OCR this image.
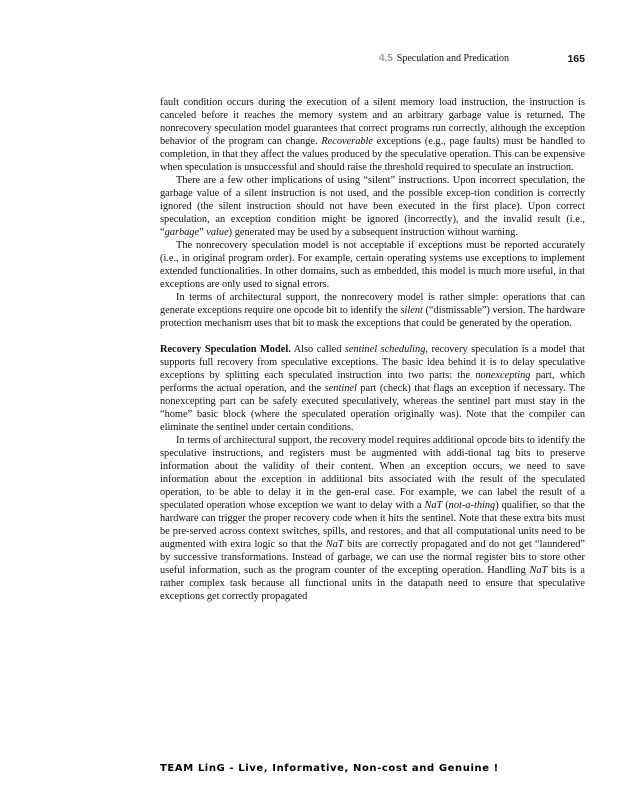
4.5 Speculation and Predication	165

fault condition occurs during the execution of a silent memory load instruction, the instruction is canceled before it reaches the memory system and an arbitrary garbage value is returned. The nonrecovery speculation model guarantees that correct programs run correctly, although the exception behavior of the program can change. Recoverable exceptions (e.g., page faults) must be handled to completion, in that they affect the values produced by the speculative operation. This can be expensive when speculation is unsuccessful and should raise the threshold required to speculate an instruction.

There are a few other implications of using “silent” instructions. Upon incorrect speculation, the garbage value of a silent instruction is not used, and the possible excep-tion condition is correctly ignored (the silent instruction should not have been executed in the first place). Upon correct speculation, an exception condition might be ignored (incorrectly), and the invalid result (i.e., “garbage” value) generated may be used by a subsequent instruction without warning.

The nonrecovery speculation model is not acceptable if exceptions must be reported accurately (i.e., in original program order). For example, certain operating systems use exceptions to implement extended functionalities. In other domains, such as embedded, this model is much more useful, in that exceptions are only used to signal errors.

In terms of architectural support, the nonrecovery model is rather simple: operations that can generate exceptions require one opcode bit to identify the silent (“dismissable”) version. The hardware protection mechanism uses that bit to mask the exceptions that could be generated by the operation.

Recovery Speculation Model. Also called sentinel scheduling, recovery speculation is a model that supports full recovery from speculative exceptions. The basic idea behind it is to delay speculative exceptions by splitting each speculated instruction into two parts: the nonexcepting part, which performs the actual operation, and the sentinel part (check) that flags an exception if necessary. The nonexcepting part can be safely executed speculatively, whereas the sentinel part must stay in the “home” basic block (where the speculated operation originally was). Note that the compiler can eliminate the sentinel under certain conditions.

In terms of architectural support, the recovery model requires additional opcode bits to identify the speculative instructions, and registers must be augmented with addi-tional tag bits to preserve information about the validity of their content. When an exception occurs, we need to save information about the exception in additional bits associated with the result of the speculated operation, to be able to delay it in the gen-eral case. For example, we can label the result of a speculated operation whose exception we want to delay with a NaT (not-a-thing) qualifier, so that the hardware can trigger the proper recovery code when it hits the sentinel. Note that these extra bits must be pre-served across context switches, spills, and restores, and that all computational units need to be augmented with extra logic so that the NaT bits are correctly propagated and do not get “laundered” by successive transformations. Instead of garbage, we can use the normal register bits to store other useful information, such as the program counter of the excepting operation. Handling NaT bits is a rather complex task because all functional units in the datapath need to ensure that speculative exceptions get correctly propagated

TEAM LinG - Live, Informative, Non-cost and Genuine !
